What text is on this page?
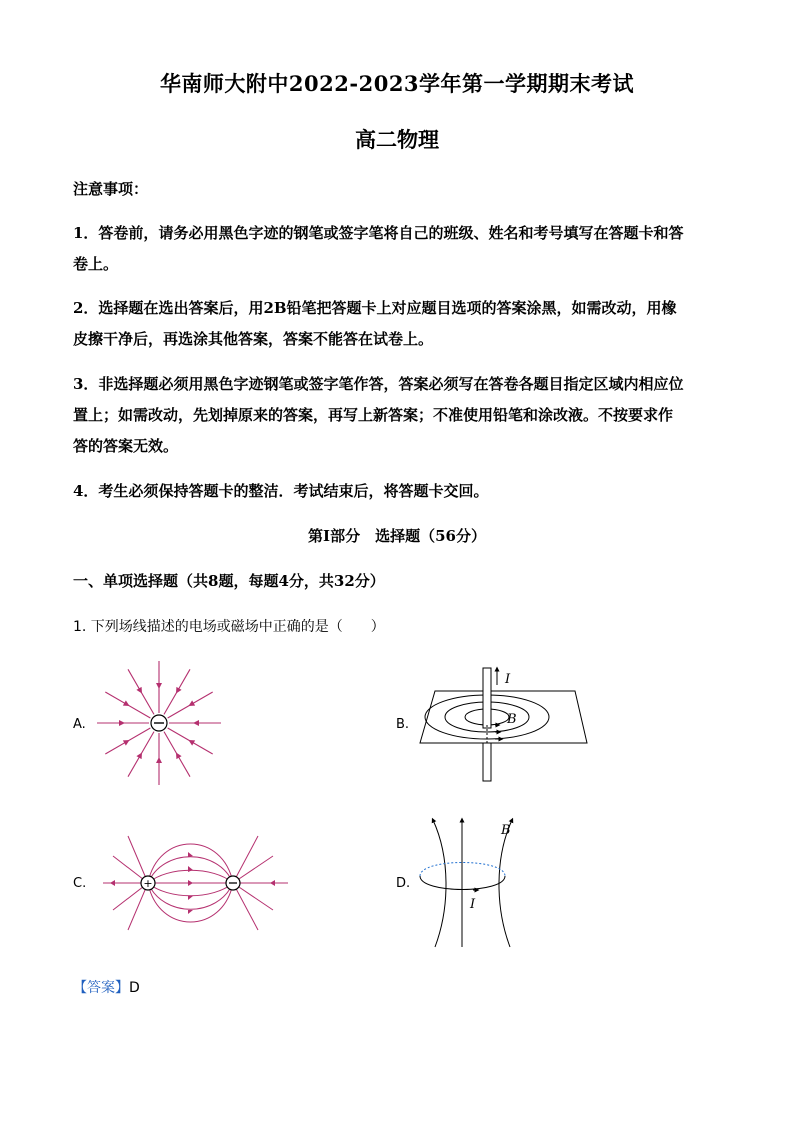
华南师大附中2022-2023学年第一学期期末考试
高二物理
注意事项：
1．答卷前，请务必用黑色字迹的钢笔或签字笔将自己的班级、姓名和考号填写在答题卡和答
卷上。
2．选择题在选出答案后，用2B铅笔把答题卡上对应题目选项的答案涂黑，如需改动，用橡
皮擦干净后，再选涂其他答案，答案不能答在试卷上。
3．非选择题必须用黑色字迹钢笔或签字笔作答，答案必须写在答卷各题目指定区域内相应位
置上；如需改动，先划掉原来的答案，再写上新答案；不准使用铅笔和涂改液。不按要求作
答的答案无效。
4．考生必须保持答题卡的整洁．考试结束后，将答题卡交回。
第Ⅰ部分　选择题（56分）
一、单项选择题（共8题，每题4分，共32分）
1. 下列场线描述的电场或磁场中正确的是（　　）
A.	B.
C.	D.
I
B
+
B
I
【答案】D
